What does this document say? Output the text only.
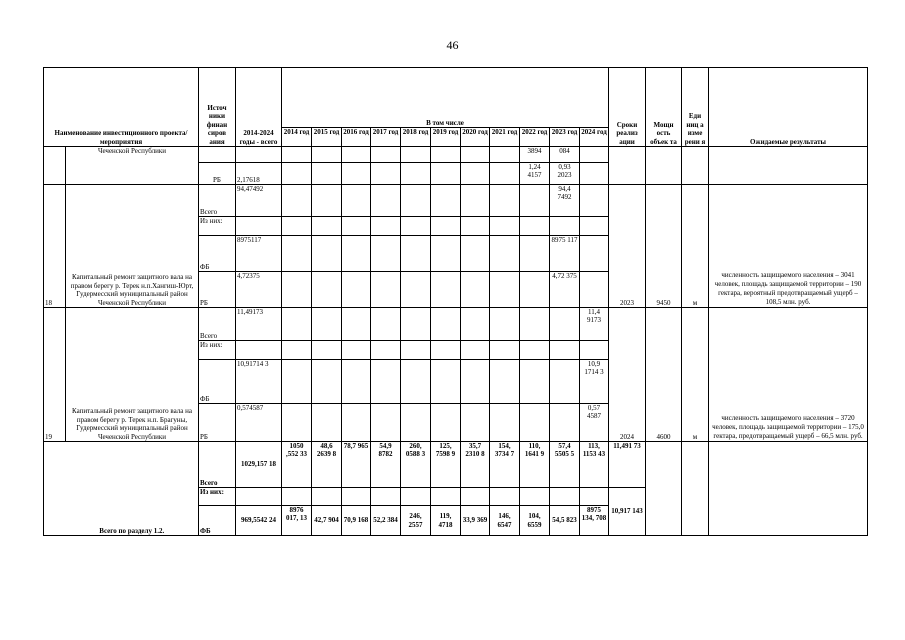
46
Наименование инвестиционного проекта/мероприятия		Источ ники финан сиров ания	2014-2024 годы - всего	В том числе											Сроки реализ ации	Мощн ость объек та	Еди ниц а изме рени я	Ожидаемые результаты
				2014 год	2015 год	2016 год	2017 год	2018 год	2019 год	2020 год	2021 год	2022 год	2023 год	2024 год				
	Чеченской Республики											3894	084					
		РБ	2,17618									1,24 4157	0,93 2023					
18	Капитальный ремонт защитного вала на правом берегу р. Терек н.п.Хангиш-Юрт, Гудермесский муниципальный район Чеченской Республики	Всего	94,47492										94,4 7492		2023	9450	м	численность защищаемого населения – 3041 человек, площадь защищаемой территории – 190 гектара, вероятный предотвращаемый ущерб – 108,5 млн. руб.
		Из них:																
		ФБ	8975117										8975 117					
		РБ	4,72375										4,72 375					
19	Капитальный ремонт защитного вала на правом берегу р. Терек н.п. Брагуны, Гудермесский муниципальный район Чеченской Республики	Всего	11,49173											11,4 9173	2024	4600	м	численность защищаемого населения – 3720 человек, площадь защищаемой территории – 175,0 гектара, предотвращаемый ущерб – 66,5 млн. руб.
		Из них:																
		ФБ	10,91714 3											10,9 1714 3				
		РБ	0,574587											0,57 4587				
	Всего по разделу 1.2.	Всего	1029,157 18	1050 ,552 33	48,6 2639 8	78,7 965	54,9 8782	260, 0588 3	125, 7598 9	35,7 2310 8	154, 3734 7	110, 1641 9	57,4 5505 5	113, 1153 43	11,491 73			
		Из них:													10,917 143			
		ФБ	969,5542 24	8976 017, 13	42,7 904	70,9 168	52,2 384	246, 2557	119, 4718	33,9 369	146, 6547	104, 6559	54,5 823	8975 134, 708				
